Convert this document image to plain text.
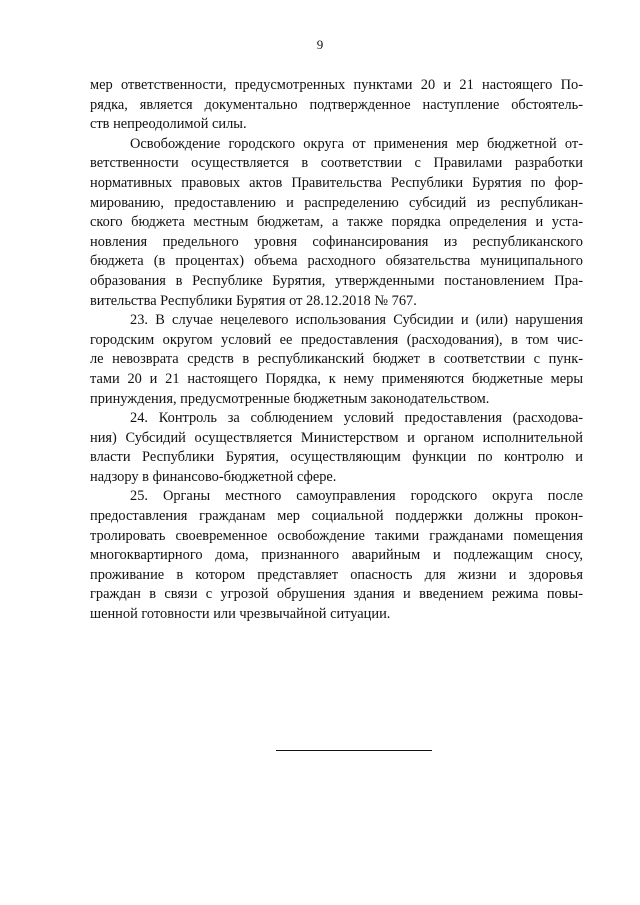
9
мер ответственности, предусмотренных пунктами 20 и 21 настоящего По-
рядка, является документально подтвержденное наступление обстоятель-
ств непреодолимой силы.
Освобождение городского округа от применения мер бюджетной от-
ветственности осуществляется в соответствии с Правилами разработки
нормативных правовых актов Правительства Республики Бурятия по фор-
мированию, предоставлению и распределению субсидий из республикан-
ского бюджета местным бюджетам, а также порядка определения и уста-
новления предельного уровня софинансирования из республиканского
бюджета (в процентах) объема расходного обязательства муниципального
образования в Республике Бурятия, утвержденными постановлением Пра-
вительства Республики Бурятия от 28.12.2018 № 767.
23. В случае нецелевого использования Субсидии и (или) нарушения
городским округом условий ее предоставления (расходования), в том чис-
ле невозврата средств в республиканский бюджет в соответствии с пунк-
тами 20 и 21 настоящего Порядка, к нему применяются бюджетные меры
принуждения, предусмотренные бюджетным законодательством.
24. Контроль за соблюдением условий предоставления (расходова-
ния) Субсидий осуществляется Министерством и органом исполнительной
власти Республики Бурятия, осуществляющим функции по контролю и
надзору в финансово-бюджетной сфере.
25. Органы местного самоуправления городского округа после
предоставления гражданам мер социальной поддержки должны прокон-
тролировать своевременное освобождение такими гражданами помещения
многоквартирного дома, признанного аварийным и подлежащим сносу,
проживание в котором представляет опасность для жизни и здоровья
граждан в связи с угрозой обрушения здания и введением режима повы-
шенной готовности или чрезвычайной ситуации.
